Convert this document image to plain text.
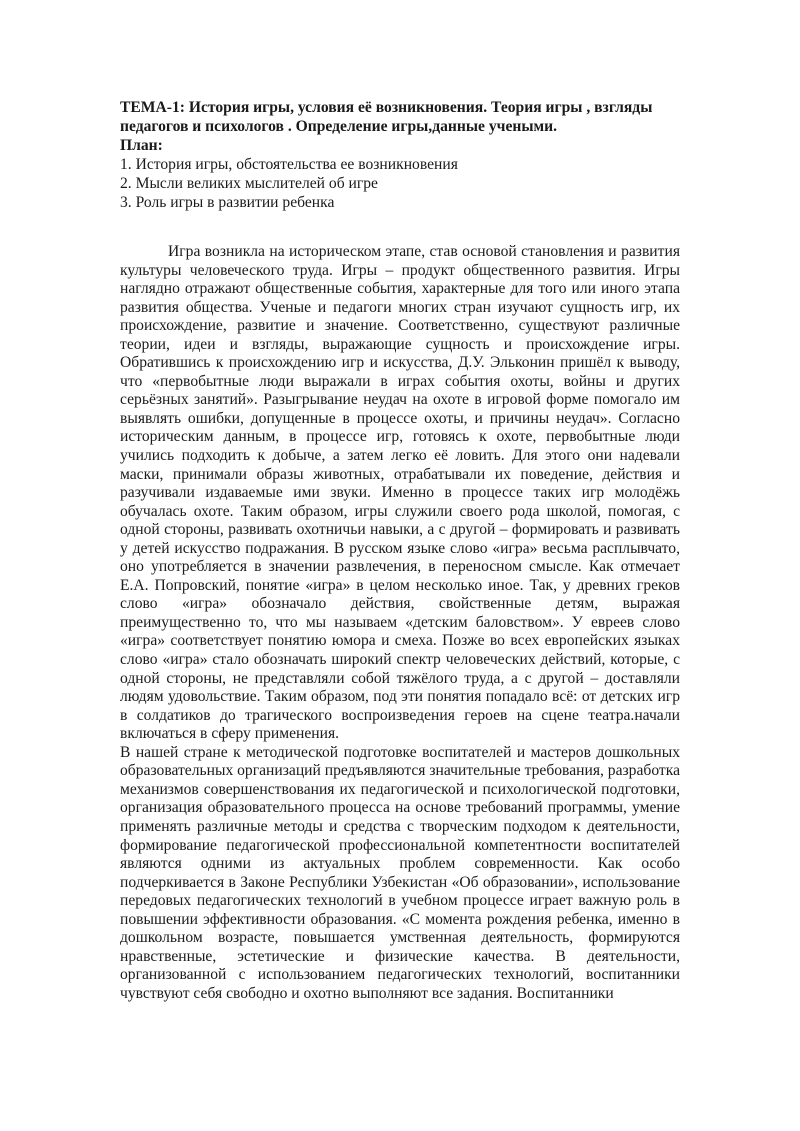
ТЕМА-1: История игры, условия её возникновения. Теория игры , взгляды педагогов и психологов . Определение игры,данные учеными.

План:

1. История игры, обстоятельства ее возникновения
2. Мысли великих мыслителей об игре
3. Роль игры в развитии ребенка

Игра возникла на историческом этапе, став основой становления и развития культуры человеческого труда. Игры – продукт общественного развития. Игры наглядно отражают общественные события, характерные для того или иного этапа развития общества. Ученые и педагоги многих стран изучают сущность игр, их происхождение, развитие и значение. Соответственно, существуют различные теории, идеи и взгляды, выражающие сущность и происхождение игры. Обратившись к происхождению игр и искусства, Д.У. Эльконин пришёл к выводу, что «первобытные люди выражали в играх события охоты, войны и других серьёзных занятий». Разыгрывание неудач на охоте в игровой форме помогало им выявлять ошибки, допущенные в процессе охоты, и причины неудач». Согласно историческим данным, в процессе игр, готовясь к охоте, первобытные люди учились подходить к добыче, а затем легко её ловить. Для этого они надевали маски, принимали образы животных, отрабатывали их поведение, действия и разучивали издаваемые ими звуки. Именно в процессе таких игр молодёжь обучалась охоте. Таким образом, игры служили своего рода школой, помогая, с одной стороны, развивать охотничьи навыки, а с другой – формировать и развивать у детей искусство подражания. В русском языке слово «игра» весьма расплывчато, оно употребляется в значении развлечения, в переносном смысле. Как отмечает Е.А. Попровский, понятие «игра» в целом несколько иное. Так, у древних греков слово «игра» обозначало действия, свойственные детям, выражая преимущественно то, что мы называем «детским баловством». У евреев слово «игра» соответствует понятию юмора и смеха. Позже во всех европейских языках слово «игра» стало обозначать широкий спектр человеческих действий, которые, с одной стороны, не представляли собой тяжёлого труда, а с другой – доставляли людям удовольствие. Таким образом, под эти понятия попадало всё: от детских игр в солдатиков до трагического воспроизведения героев на сцене театра.начали включаться в сферу применения.

В нашей стране к методической подготовке воспитателей и мастеров дошкольных образовательных организаций предъявляются значительные требования, разработка механизмов совершенствования их педагогической и психологической подготовки, организация образовательного процесса на основе требований программы, умение применять различные методы и средства с творческим подходом к деятельности, формирование педагогической профессиональной компетентности воспитателей являются одними из актуальных проблем современности. Как особо подчеркивается в Законе Республики Узбекистан «Об образовании», использование передовых педагогических технологий в учебном процессе играет важную роль в повышении эффективности образования. «С момента рождения ребенка, именно в дошкольном возрасте, повышается умственная деятельность, формируются нравственные, эстетические и физические качества. В деятельности, организованной с использованием педагогических технологий, воспитанники чувствуют себя свободно и охотно выполняют все задания. Воспитанники
